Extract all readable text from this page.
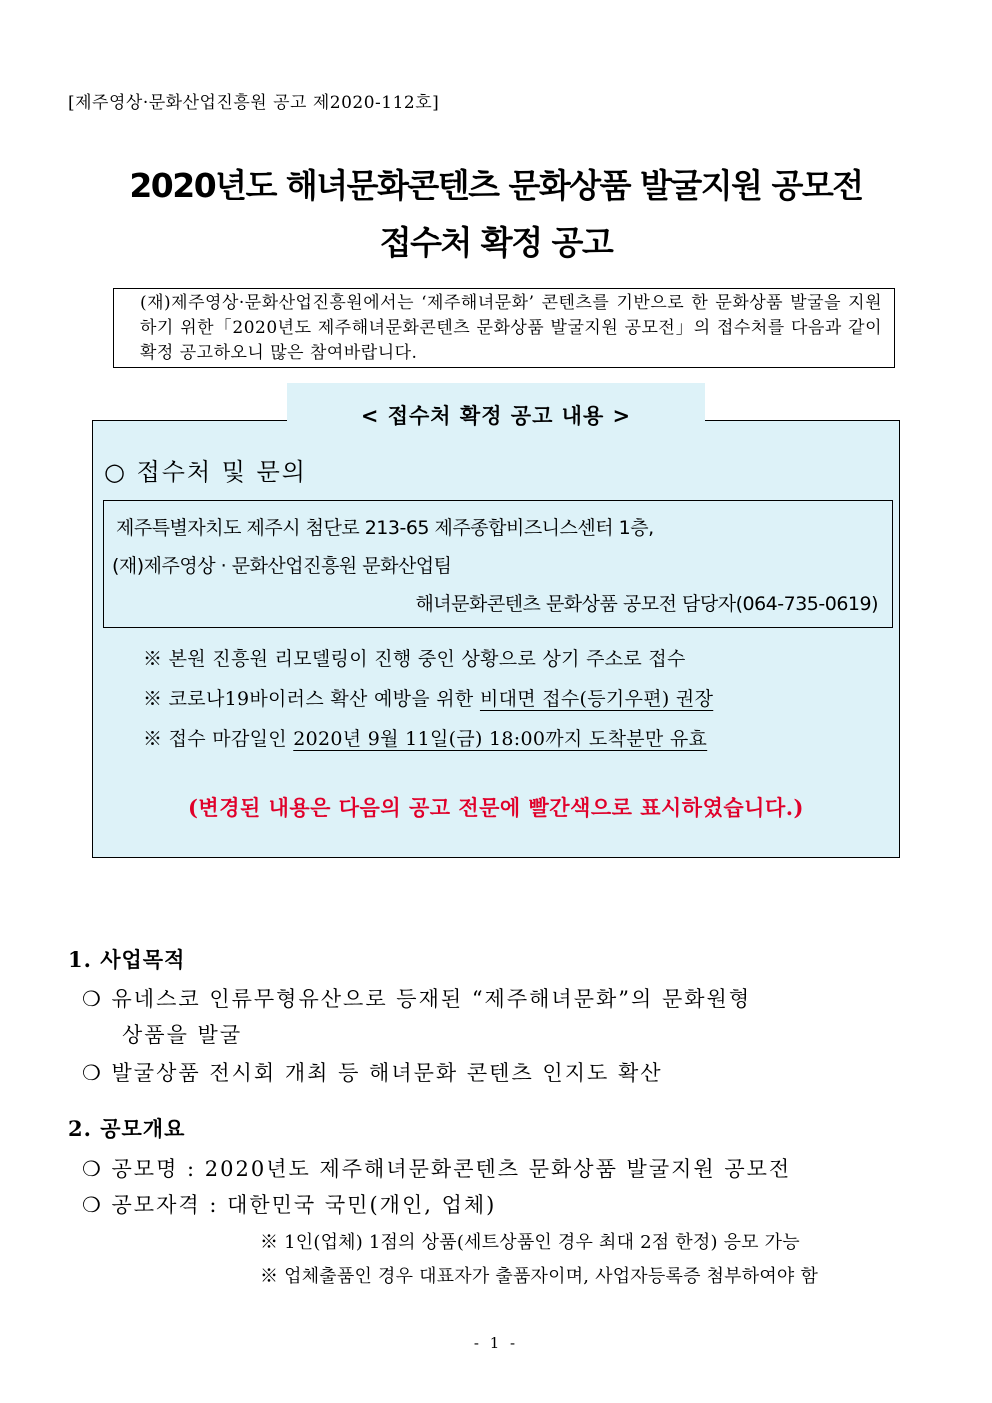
[제주영상·문화산업진흥원 공고 제2020-112호]
2020년도 해녀문화콘텐츠 문화상품 발굴지원 공모전
접수처 확정 공고
(재)제주영상·문화산업진흥원에서는 ‘제주해녀문화’ 콘텐츠를 기반으로 한 문화상품 발굴을 지원하기 위한「2020년도 제주해녀문화콘텐츠 문화상품 발굴지원 공모전」의 접수처를 다음과 같이 확정 공고하오니 많은 참여바랍니다.
< 접수처 확정 공고 내용 >
○ 접수처 및 문의
제주특별자치도 제주시 첨단로 213-65 제주종합비즈니스센터 1층,
(재)제주영상 · 문화산업진흥원 문화산업팀
해녀문화콘텐츠 문화상품 공모전 담당자(064-735-0619)
※ 본원 진흥원 리모델링이 진행 중인 상황으로 상기 주소로 접수
※ 코로나19바이러스 확산 예방을 위한 비대면 접수(등기우편) 권장
※ 접수 마감일인 2020년 9월 11일(금) 18:00까지 도착분만 유효
(변경된 내용은 다음의 공고 전문에 빨간색으로 표시하였습니다.)
1. 사업목적
❍ 유네스코 인류무형유산으로 등재된 “제주해녀문화”의 문화원형
상품을 발굴
❍ 발굴상품 전시회 개최 등 해녀문화 콘텐츠 인지도 확산
2. 공모개요
❍ 공모명 : 2020년도 제주해녀문화콘텐츠 문화상품 발굴지원 공모전
❍ 공모자격 : 대한민국 국민(개인, 업체)
※ 1인(업체) 1점의 상품(세트상품인 경우 최대 2점 한정) 응모 가능
※ 업체출품인 경우 대표자가 출품자이며, 사업자등록증 첨부하여야 함
- 1 -
